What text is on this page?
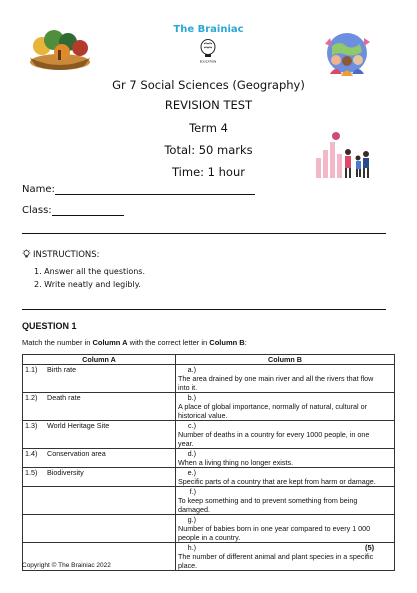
The Brainiac
EDUCATION
Gr 7 Social Sciences (Geography)
REVISION TEST
Term 4
Total: 50 marks
Time: 1 hour
Name:
Class:
INSTRUCTIONS:
1. Answer all the questions.
2. Write neatly and legibly.
QUESTION 1
Match the number in Column A with the correct letter in Column B:
Column A	Column B
1.1) Birth rate	a.)The area drained by one main river and all the rivers that flow into it.
1.2) Death rate	b.)A place of global importance, normally of natural, cultural or historical value.
1.3) World Heritage Site	c.)Number of deaths in a country for every 1000 people, in one year.
1.4) Conservation area	d.)When a living thing no longer exists.
1.5) Biodiversity	e.)Specific parts of a country that are kept from harm or damage.
	f.)To keep something and to prevent something from being damaged.
	g.)Number of babies born in one year compared to every 1 000 people in a country.
	h.)The number of different animal and plant species in a specific place.
(5)
Copyright © The Brainiac 2022
